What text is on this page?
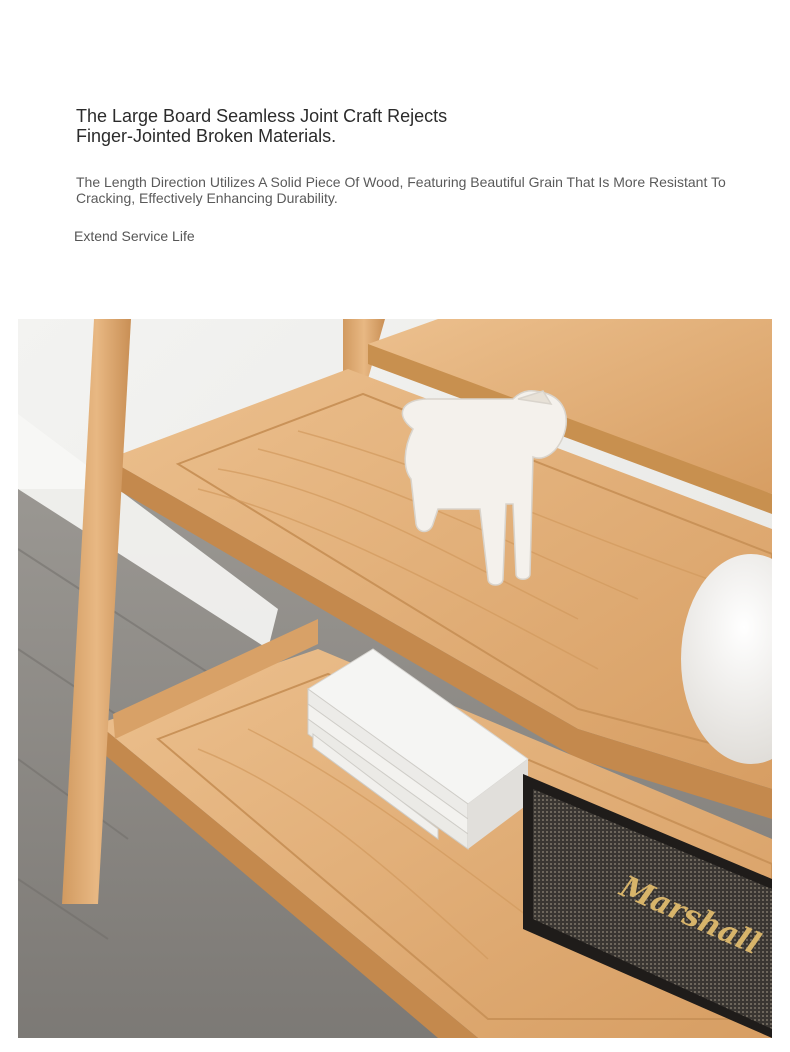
The Large Board Seamless Joint Craft Rejects
Finger-Jointed Broken Materials.
The Length Direction Utilizes A Solid Piece Of Wood, Featuring Beautiful Grain That Is More Resistant To
Cracking, Effectively Enhancing Durability.
Extend Service Life
Marshall
